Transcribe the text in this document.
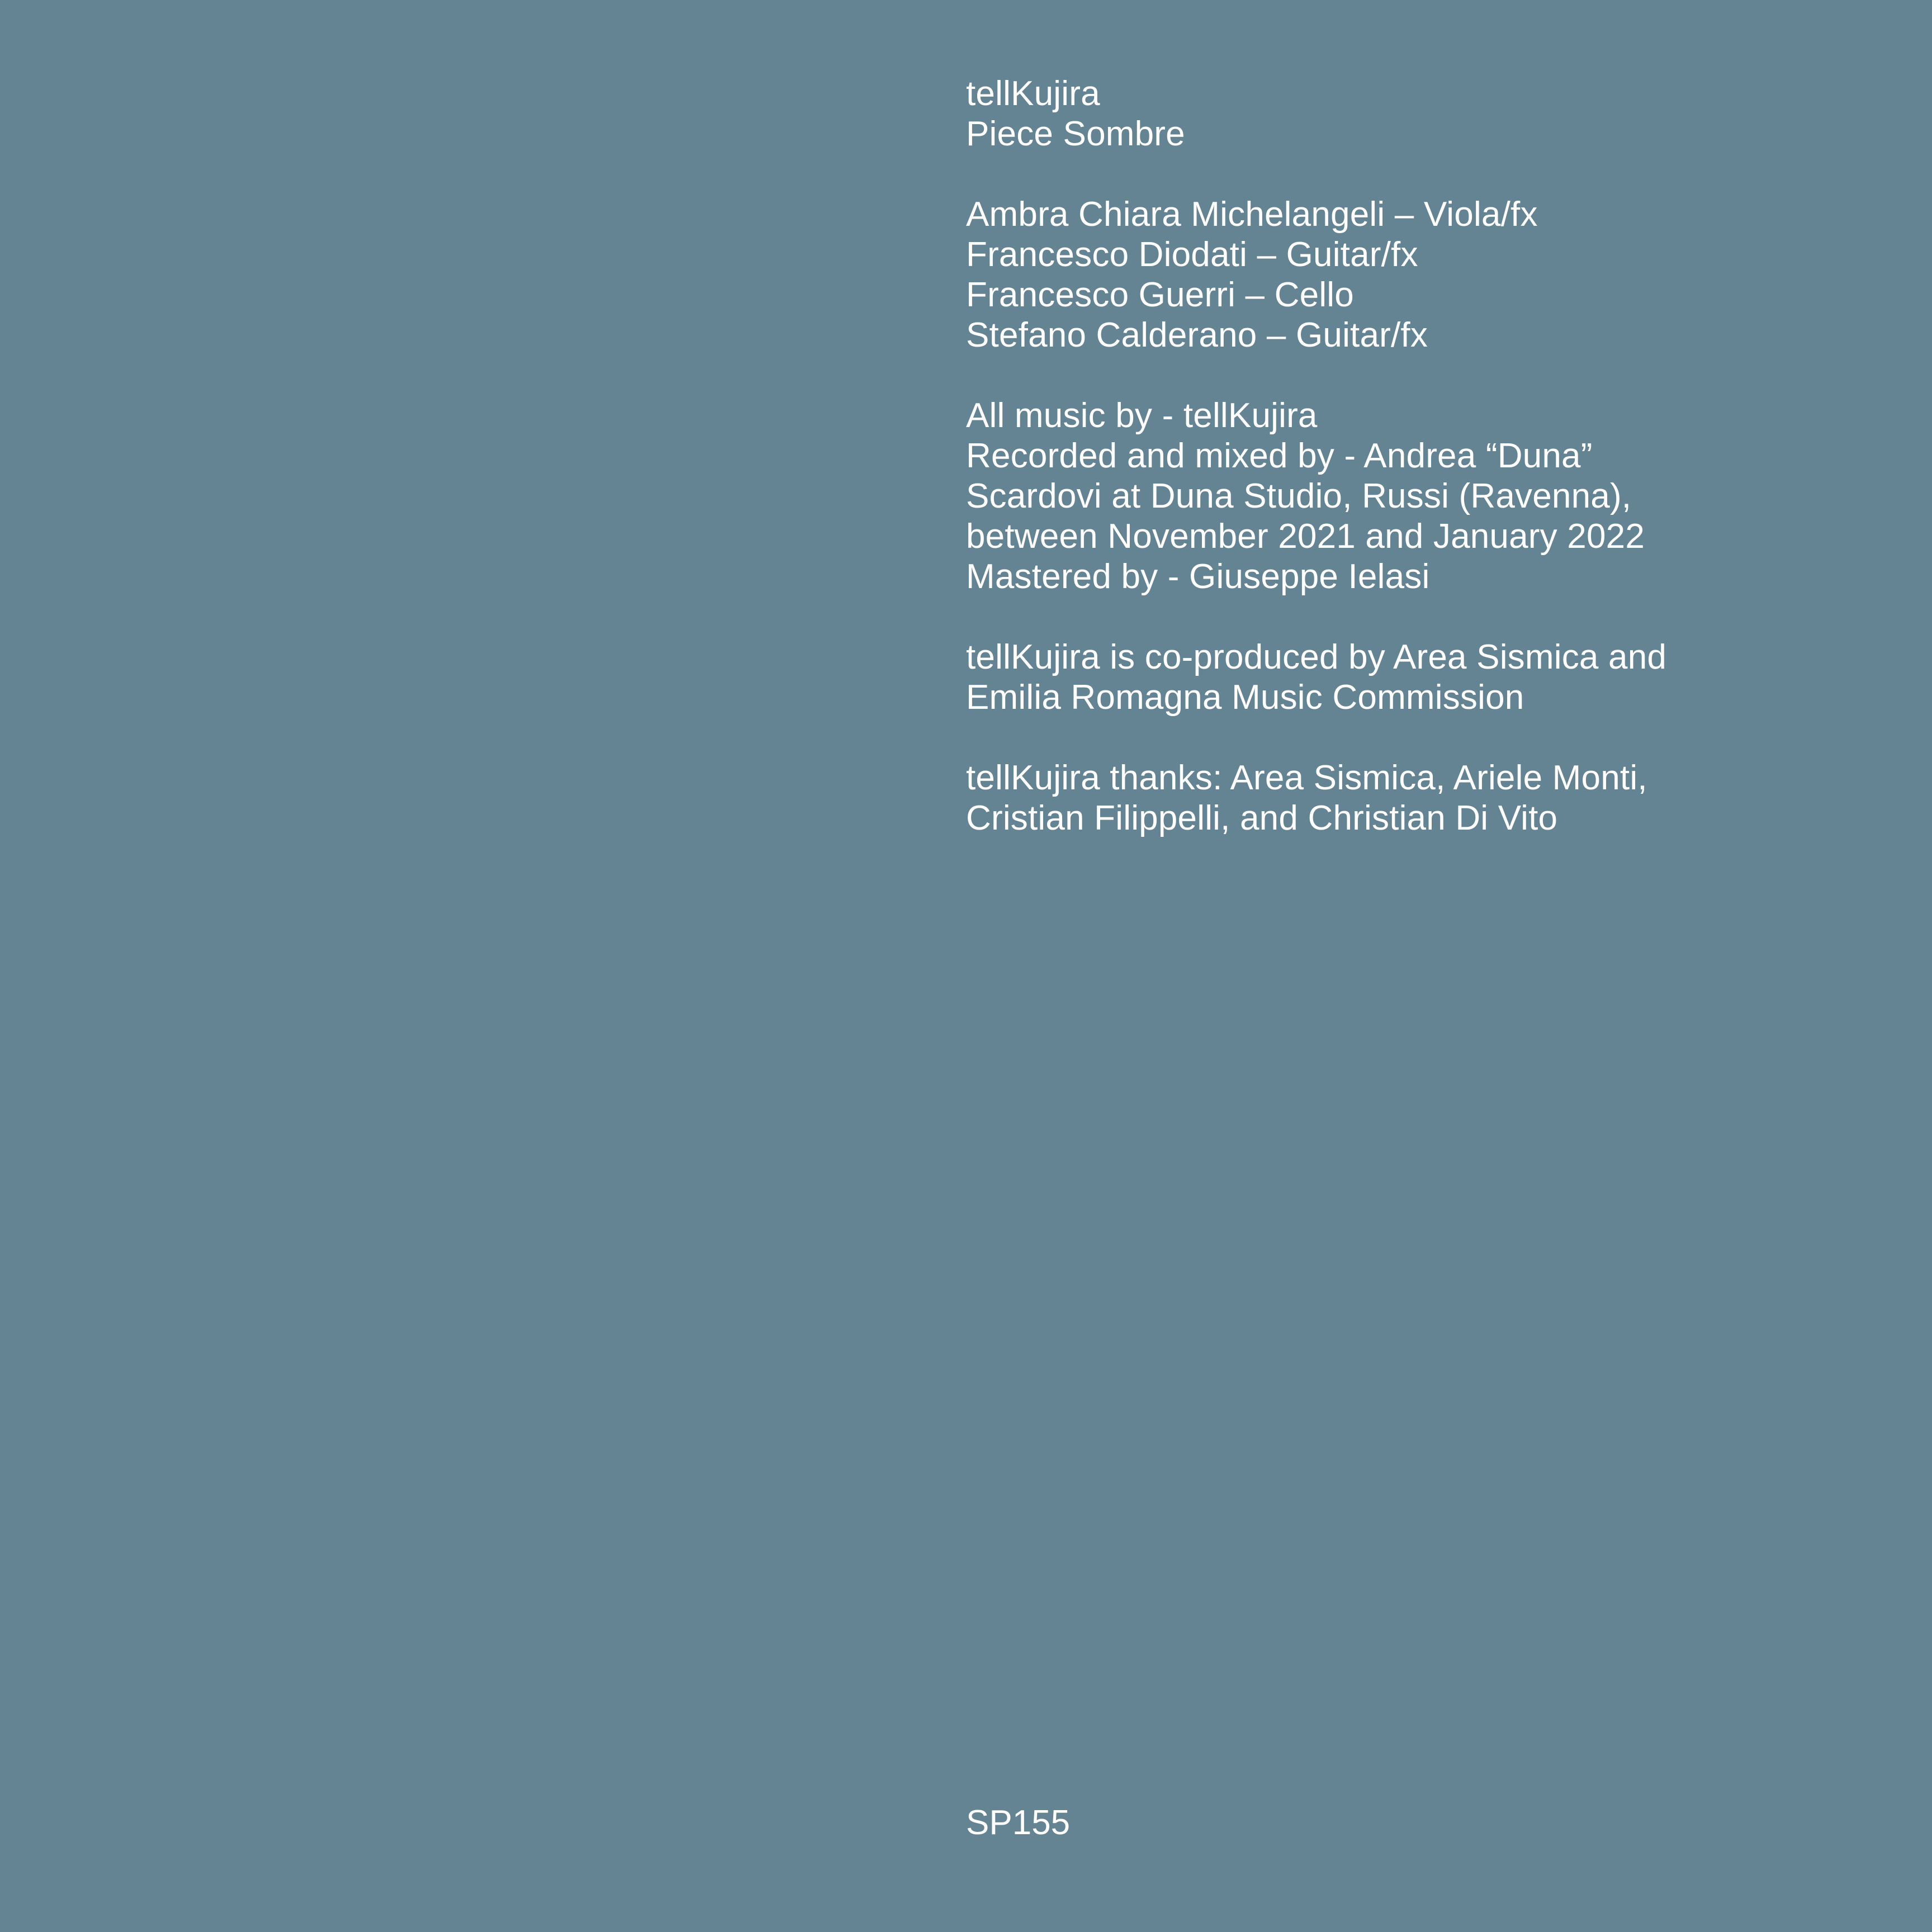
tellKujira
Piece Sombre
Ambra Chiara Michelangeli – Viola/fx
Francesco Diodati – Guitar/fx
Francesco Guerri – Cello
Stefano Calderano – Guitar/fx
All music by - tellKujira
Recorded and mixed by - Andrea “Duna”
Scardovi at Duna Studio, Russi (Ravenna),
between November 2021 and January 2022
Mastered by - Giuseppe Ielasi
tellKujira is co-produced by Area Sismica and
Emilia Romagna Music Commission
tellKujira thanks: Area Sismica, Ariele Monti,
Cristian Filippelli, and Christian Di Vito
SP155
